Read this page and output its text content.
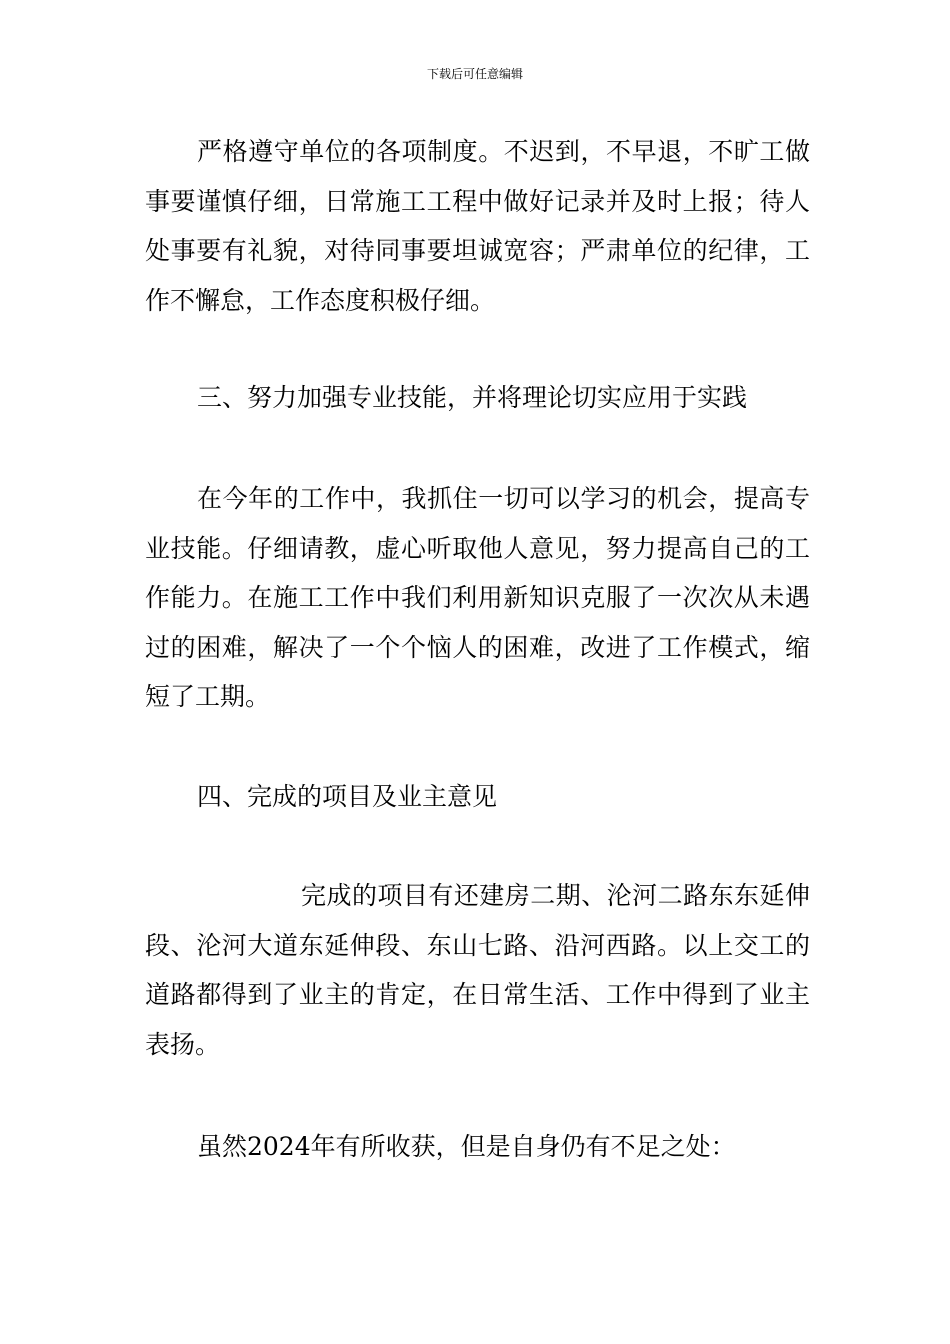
下载后可任意编辑

严格遵守单位的各项制度。不迟到，不早退，不旷工做事要谨慎仔细，日常施工工程中做好记录并及时上报；待人处事要有礼貌，对待同事要坦诚宽容；严肃单位的纪律，工作不懈怠，工作态度积极仔细。

三、努力加强专业技能，并将理论切实应用于实践

在今年的工作中，我抓住一切可以学习的机会，提高专业技能。仔细请教，虚心听取他人意见，努力提高自己的工作能力。在施工工作中我们利用新知识克服了一次次从未遇过的困难，解决了一个个恼人的困难，改进了工作模式，缩短了工期。

四、完成的项目及业主意见

完成的项目有还建房二期、沦河二路东东延伸段、沦河大道东延伸段、东山七路、沿河西路。以上交工的道路都得到了业主的肯定，在日常生活、工作中得到了业主表扬。

虽然2024年有所收获，但是自身仍有不足之处：
